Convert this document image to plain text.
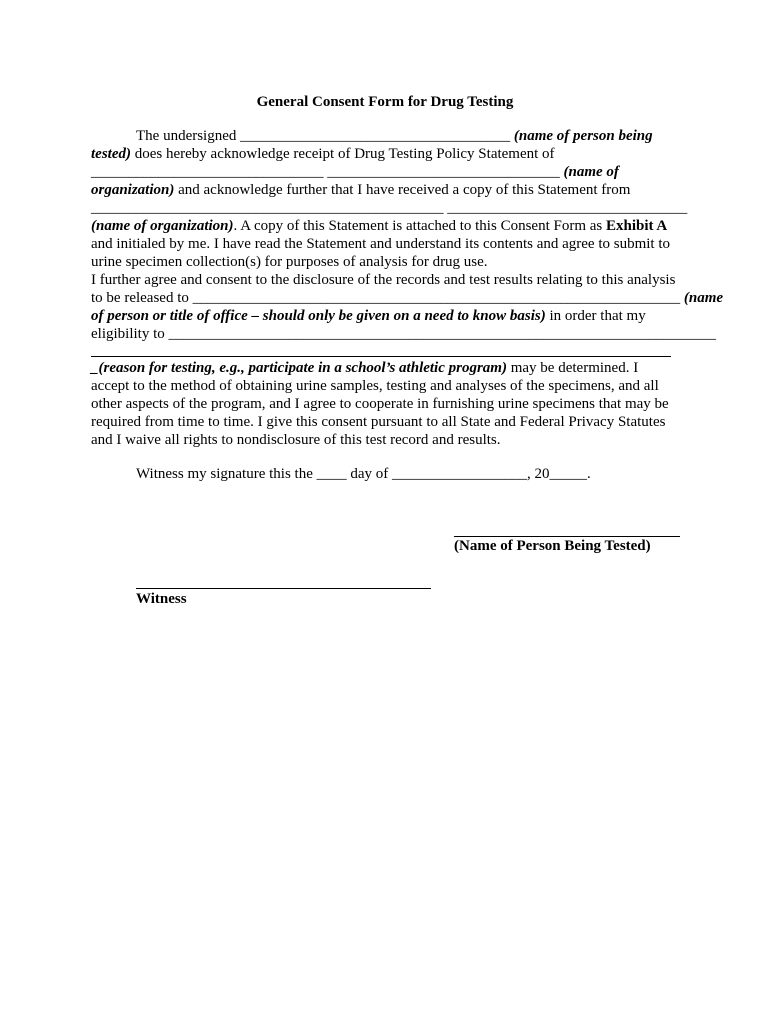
General Consent Form for Drug Testing
The undersigned ____________________________________ (name of person being
tested) does hereby acknowledge receipt of Drug Testing Policy Statement of
_______________________________ _______________________________ (name of
organization) and acknowledge further that I have received a copy of this Statement from
_______________________________________________ ________________________________
(name of organization). A copy of this Statement is attached to this Consent Form as Exhibit A
and initialed by me. I have read the Statement and understand its contents and agree to submit to
urine specimen collection(s) for purposes of analysis for drug use.
I further agree and consent to the disclosure of the records and test results relating to this analysis
to be released to _________________________________________________________________ (name
of person or title of office – should only be given on a need to know basis) in order that my
eligibility to _________________________________________________________________________
_(reason for testing, e.g., participate in a school’s athletic program) may be determined. I
accept to the method of obtaining urine samples, testing and analyses of the specimens, and all
other aspects of the program, and I agree to cooperate in furnishing urine specimens that may be
required from time to time. I give this consent pursuant to all State and Federal Privacy Statutes
and I waive all rights to nondisclosure of this test record and results.
Witness my signature this the ____ day of __________________, 20_____.
(Name of Person Being Tested)
Witness
